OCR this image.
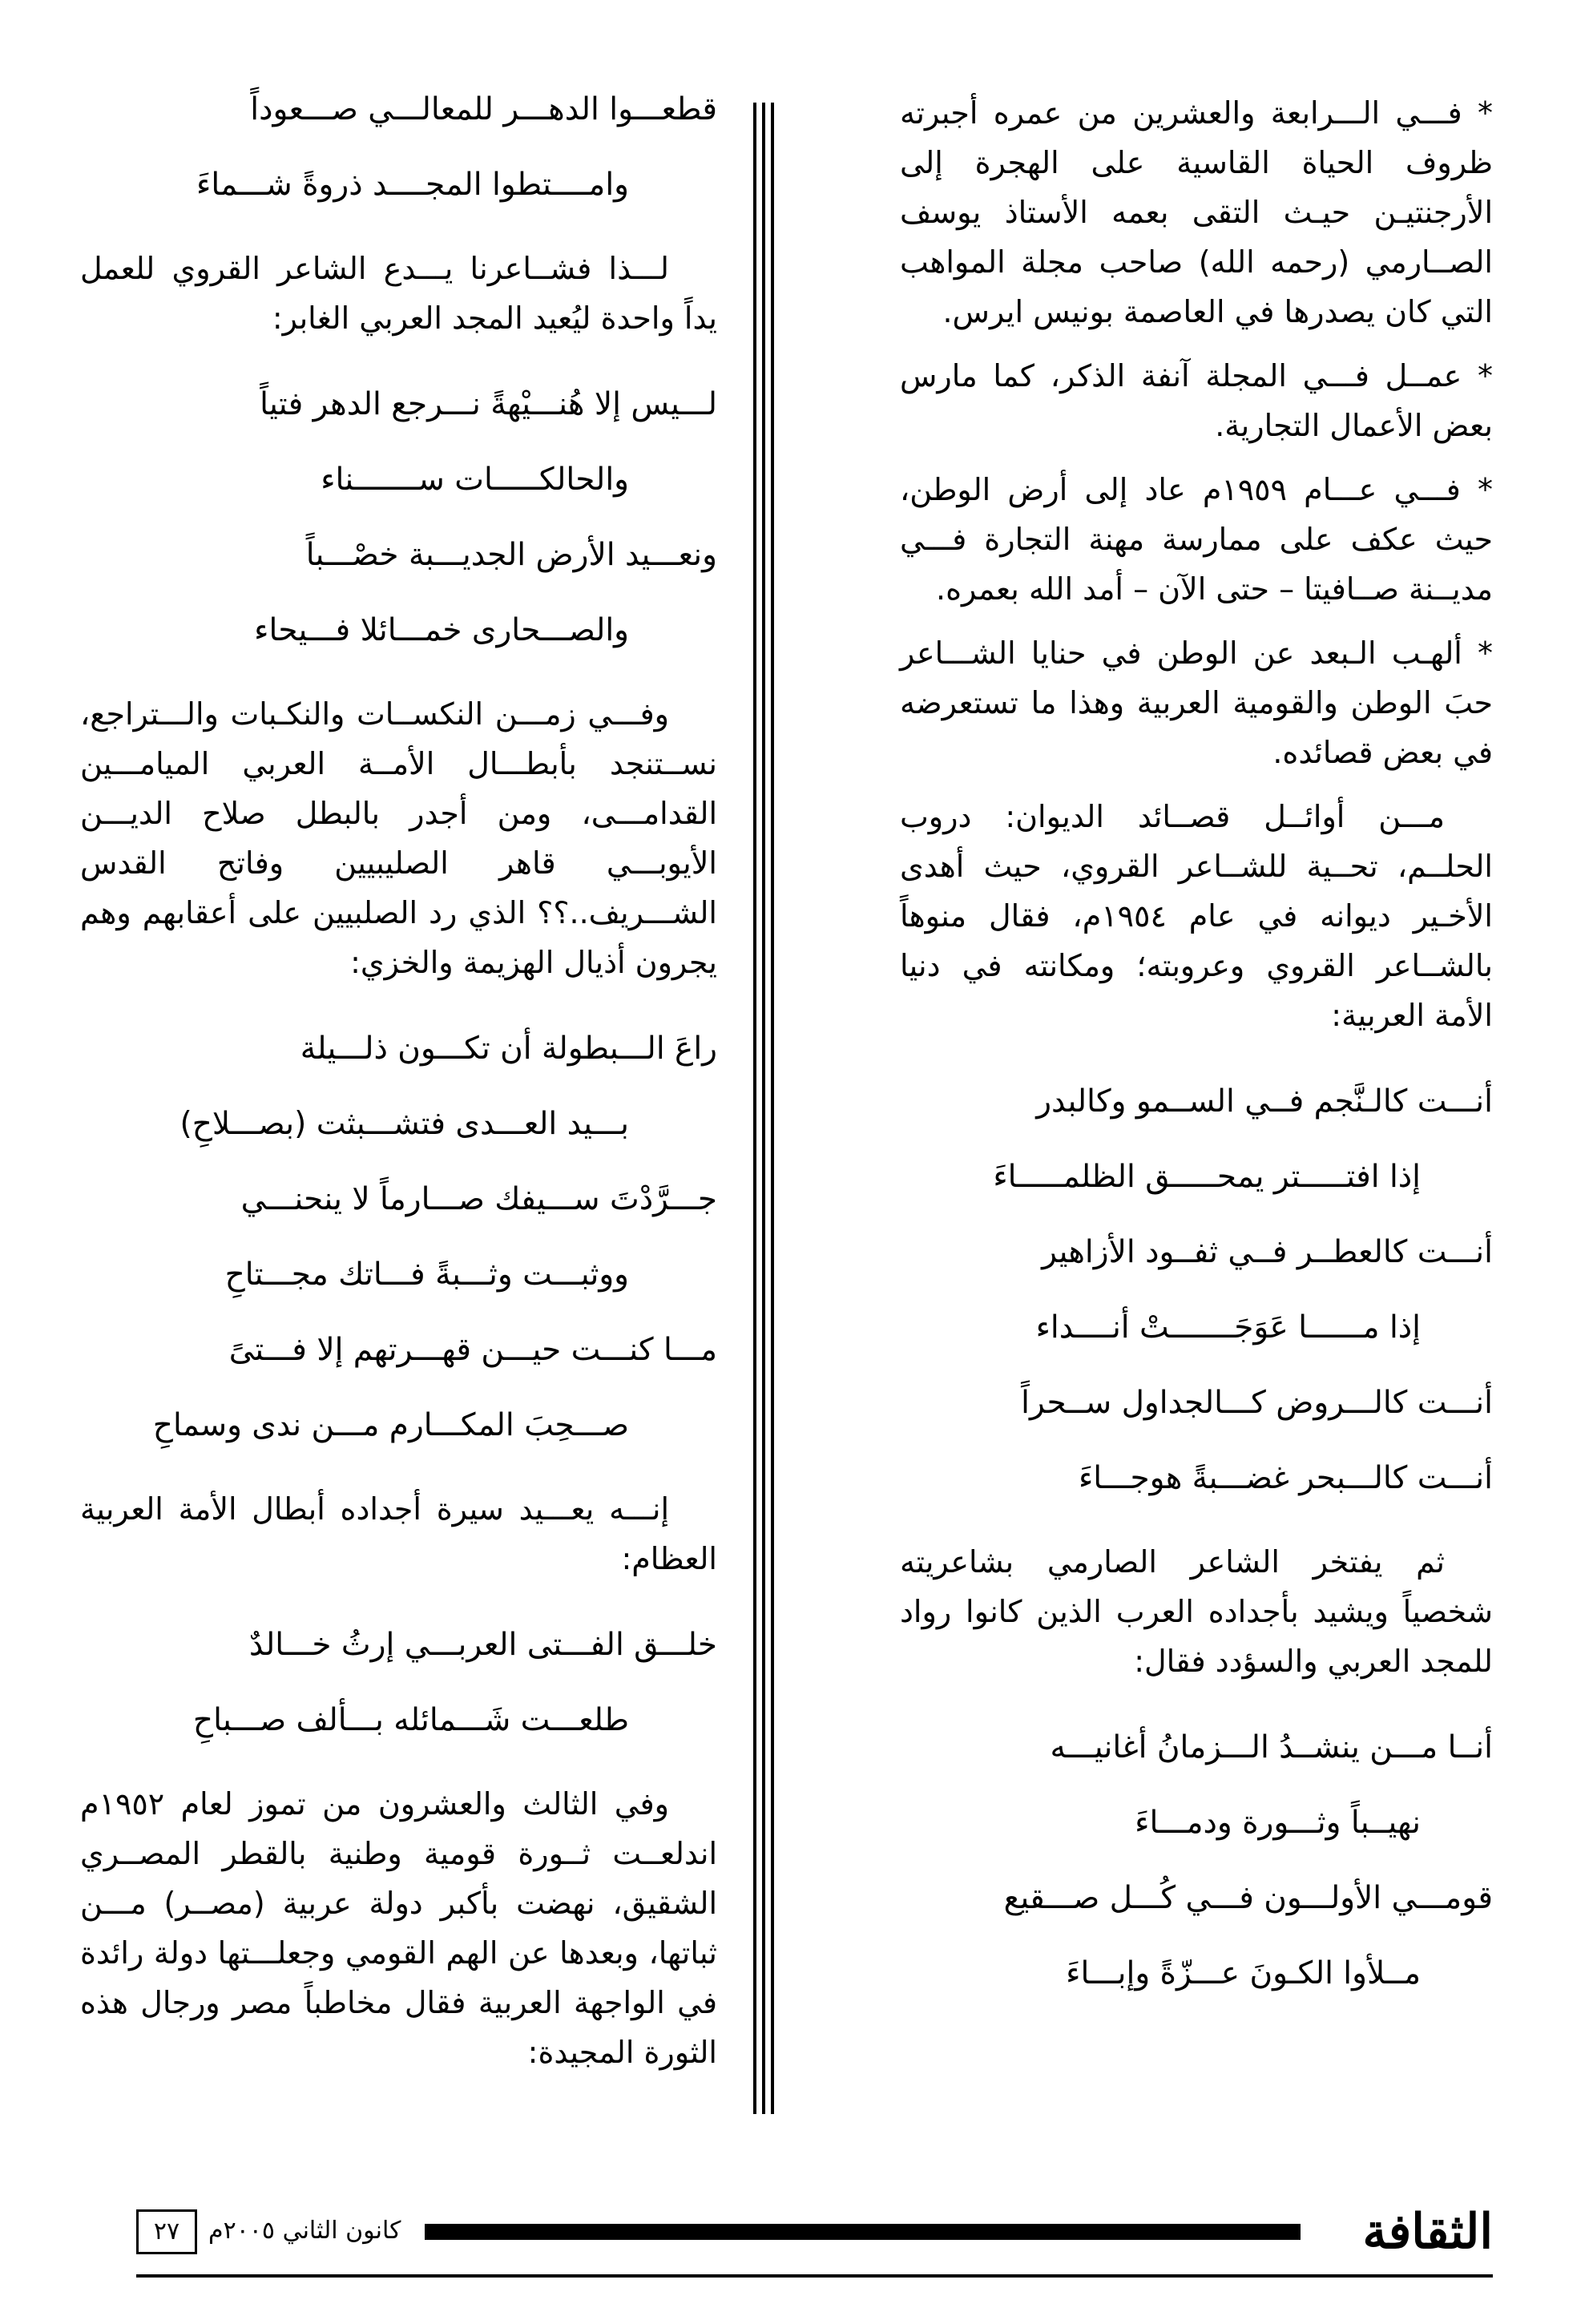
* فـــي الـــرابعة والعشرين من عمره أجبرته ظروف الحياة القاسية على الهجرة إلى الأرجنتيـن حيـث التقى بعمه الأستاذ يوسف الصــارمي (رحمه الله) صاحب مجلة المواهب التي كان يصدرها في العاصمة بونيس ايرس.

* عمــل فـــي المجلة آنفة الذكر، كما مارس بعض الأعمال التجارية.

* فـــي عـــام ١٩٥٩م عاد إلى أرض الوطن، حيث عكف على ممارسة مهنة التجارة فـــي مديــنة صــافيتا – حتى الآن – أمد الله بعمره.

* ألهـب الـبعد عن الوطن في حنايا الشـــاعر حبَ الوطن والقومية العربية وهذا ما تستعرضه في بعض قصائده.

مـــن أوائــل قصــائد الديوان: دروب الحلــم، تحــية للشــاعر القروي، حيث أهدى الأخـير ديوانه في عام ١٩٥٤م، فقال منوهاً بالشــاعر القروي وعروبته؛ ومكانته في دنيا الأمة العربية:

أنـــت كالـنَّجم فــي الســمو وكالبدر
إذا افتـــــتر يمحـــــق الظلمـــــاءَ
أنـــت كالعطــر فــي ثفــود الأزاهير
إذا مــــــا عَوَجَـــــــتْ أنــــداء
أنـــت كالـــروض كـــالجداول ســحراً
أنـــت كالـــبحر غضـــبةً هوجـــاءَ

ثم يفتخر الشاعر الصارمي بشاعريته شخصياً ويشيد بأجداده العرب الذين كانوا رواد للمجد العربي والسؤدد فقال:

أنــا مـــن ينشــدُ الـــزمانُ أغانيـــه
نهيــباً وثـــورة ودمـــاءَ
قومـــي الأولـــون فـــي كُـــل صـــقيع
مــلأوا الكـونَ عـــزّةً وإبـــاءَ
قطعـــوا الدهـــر للمعالـــي صـــعوداً
وامــــتطوا المجــــد ذروةً شـــماءَ

لـــذا فشــاعرنا يـــدع الشاعر القروي للعمل يداً واحدة ليُعيد المجد العربي الغابر:

لـــيس إلا هُنـــيْهةً نـــرجع الدهر فتياً
والحالكـــــات ســـــــناء
ونعـــيد الأرض الجديـــبة خصْـــباً
والصـــحارى خمـــائلا فـــيحاء

وفـــي زمـــن النكســات والنكـبات والـــتراجع، نســتنجد بأبطـــال الأمــة العربي الميامـــين القدامـــى، ومن أجدر بالبطل صلاح الديـــن الأيوبـــي قاهر الصليبيين وفاتح القدس الشـــريف..؟؟ الذي رد الصلبيين على أعقابهم وهم يجرون أذيال الهزيمة والخزي:

راعَ الـــبطولة أن تكـــون ذلـــيلة
بـــيد العـــدى فتشـــبثت (بصـــلاحِ)
جـــرَّدْتَ ســـيفك صـــارماً لا ينحنـــي
ووثبـــت وثـــبةً فـــاتك مجـــتاحِ
مـــا كنـــت حيـــن قهـــرتهم إلا فـــتىً
صـــحِبَ المكـــارم مـــن ندى وسماحِ

إنـــه يعـــيد سيرة أجداده أبطال الأمة العربية العظام:

خلـــق الفـــتى العربـــي إرثُ خـــالدٌ
طلعـــت شَـــمائله بـــألف صـــباحِ

وفي الثالث والعشرون من تموز لعام ١٩٥٢م اندلعــت ثــورة قومية وطنية بالقطر المصــري الشقيق، نهضت بأكبر دولة عربية (مصــر) مـــن ثباتها، وبعدها عن الهم القومي وجعلـــتها دولة رائدة في الواجهة العربية فقال مخاطباً مصر ورجال هذه الثورة المجيدة:

الثقافة
كانون الثاني ٢٠٠٥م
٢٧
